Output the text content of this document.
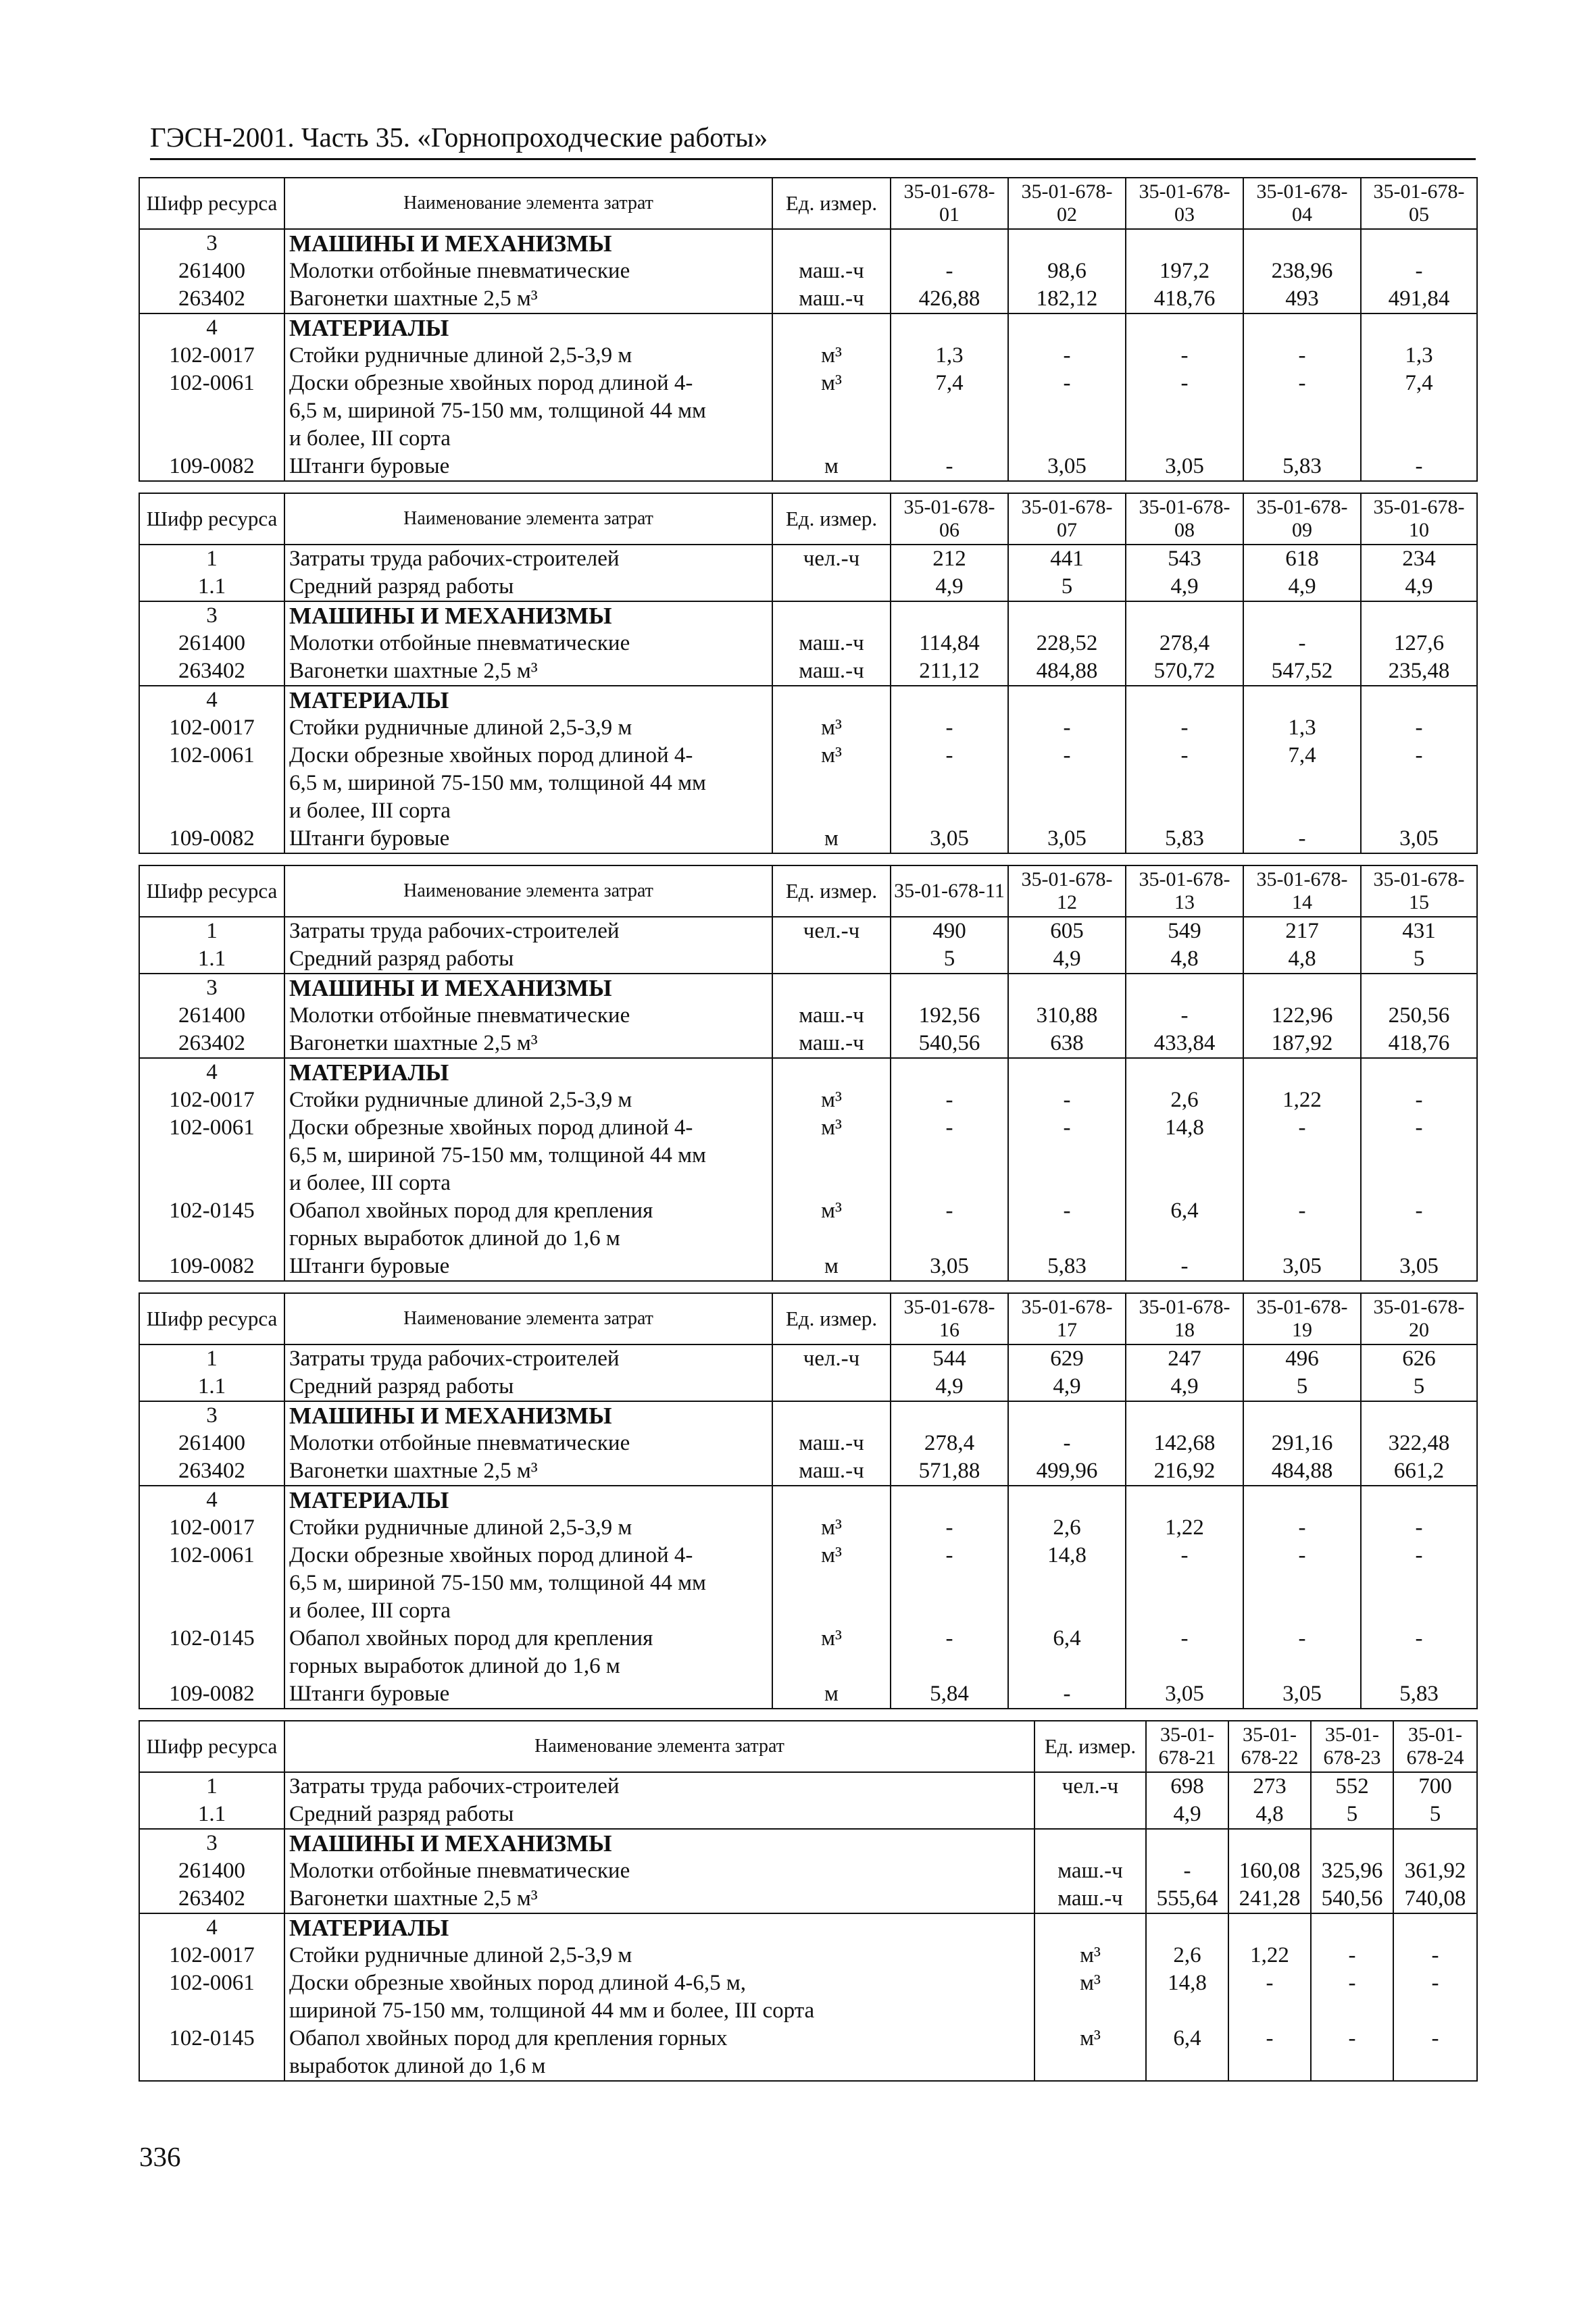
ГЭСН-2001. Часть 35. «Горнопроходческие работы»
Шифр ресурса	Наименование элемента затрат	Ед. измер.	35-01-678-01	35-01-678-02	35-01-678-03	35-01-678-04	35-01-678-05
3	МАШИНЫ И МЕХАНИЗМЫ						
261400	Молотки отбойные пневматические	маш.-ч	-	98,6	197,2	238,96	-
263402	Вагонетки шахтные 2,5 м³	маш.-ч	426,88	182,12	418,76	493	491,84
4	МАТЕРИАЛЫ						
102-0017	Стойки рудничные длиной 2,5-3,9 м	м³	1,3	-	-	-	1,3
102-0061	Доски обрезные хвойных пород длиной 4-
6,5 м, шириной 75-150 мм, толщиной 44 мм
и более, III сорта	м³	7,4	-	-	-	7,4
109-0082	Штанги буровые	м	-	3,05	3,05	5,83	-
Шифр ресурса	Наименование элемента затрат	Ед. измер.	35-01-678-06	35-01-678-07	35-01-678-08	35-01-678-09	35-01-678-10
1	Затраты труда рабочих-строителей	чел.-ч	212	441	543	618	234
1.1	Средний разряд работы		4,9	5	4,9	4,9	4,9
3	МАШИНЫ И МЕХАНИЗМЫ						
261400	Молотки отбойные пневматические	маш.-ч	114,84	228,52	278,4	-	127,6
263402	Вагонетки шахтные 2,5 м³	маш.-ч	211,12	484,88	570,72	547,52	235,48
4	МАТЕРИАЛЫ						
102-0017	Стойки рудничные длиной 2,5-3,9 м	м³	-	-	-	1,3	-
102-0061	Доски обрезные хвойных пород длиной 4-
6,5 м, шириной 75-150 мм, толщиной 44 мм
и более, III сорта	м³	-	-	-	7,4	-
109-0082	Штанги буровые	м	3,05	3,05	5,83	-	3,05
Шифр ресурса	Наименование элемента затрат	Ед. измер.	35-01-678-11	35-01-678-12	35-01-678-13	35-01-678-14	35-01-678-15
1	Затраты труда рабочих-строителей	чел.-ч	490	605	549	217	431
1.1	Средний разряд работы		5	4,9	4,8	4,8	5
3	МАШИНЫ И МЕХАНИЗМЫ						
261400	Молотки отбойные пневматические	маш.-ч	192,56	310,88	-	122,96	250,56
263402	Вагонетки шахтные 2,5 м³	маш.-ч	540,56	638	433,84	187,92	418,76
4	МАТЕРИАЛЫ						
102-0017	Стойки рудничные длиной 2,5-3,9 м	м³	-	-	2,6	1,22	-
102-0061	Доски обрезные хвойных пород длиной 4-
6,5 м, шириной 75-150 мм, толщиной 44 мм
и более, III сорта	м³	-	-	14,8	-	-
102-0145	Обапол хвойных пород для крепления
горных выработок длиной до 1,6 м	м³	-	-	6,4	-	-
109-0082	Штанги буровые	м	3,05	5,83	-	3,05	3,05
Шифр ресурса	Наименование элемента затрат	Ед. измер.	35-01-678-16	35-01-678-17	35-01-678-18	35-01-678-19	35-01-678-20
1	Затраты труда рабочих-строителей	чел.-ч	544	629	247	496	626
1.1	Средний разряд работы		4,9	4,9	4,9	5	5
3	МАШИНЫ И МЕХАНИЗМЫ						
261400	Молотки отбойные пневматические	маш.-ч	278,4	-	142,68	291,16	322,48
263402	Вагонетки шахтные 2,5 м³	маш.-ч	571,88	499,96	216,92	484,88	661,2
4	МАТЕРИАЛЫ						
102-0017	Стойки рудничные длиной 2,5-3,9 м	м³	-	2,6	1,22	-	-
102-0061	Доски обрезные хвойных пород длиной 4-
6,5 м, шириной 75-150 мм, толщиной 44 мм
и более, III сорта	м³	-	14,8	-	-	-
102-0145	Обапол хвойных пород для крепления
горных выработок длиной до 1,6 м	м³	-	6,4	-	-	-
109-0082	Штанги буровые	м	5,84	-	3,05	3,05	5,83
Шифр ресурса	Наименование элемента затрат	Ед. измер.	35-01-678-21	35-01-678-22	35-01-678-23	35-01-678-24
1	Затраты труда рабочих-строителей	чел.-ч	698	273	552	700
1.1	Средний разряд работы		4,9	4,8	5	5
3	МАШИНЫ И МЕХАНИЗМЫ					
261400	Молотки отбойные пневматические	маш.-ч	-	160,08	325,96	361,92
263402	Вагонетки шахтные 2,5 м³	маш.-ч	555,64	241,28	540,56	740,08
4	МАТЕРИАЛЫ					
102-0017	Стойки рудничные длиной 2,5-3,9 м	м³	2,6	1,22	-	-
102-0061	Доски обрезные хвойных пород длиной 4-6,5 м,
шириной 75-150 мм, толщиной 44 мм и более, III сорта	м³	14,8	-	-	-
102-0145	Обапол хвойных пород для крепления горных
выработок длиной до 1,6 м	м³	6,4	-	-	-
336
